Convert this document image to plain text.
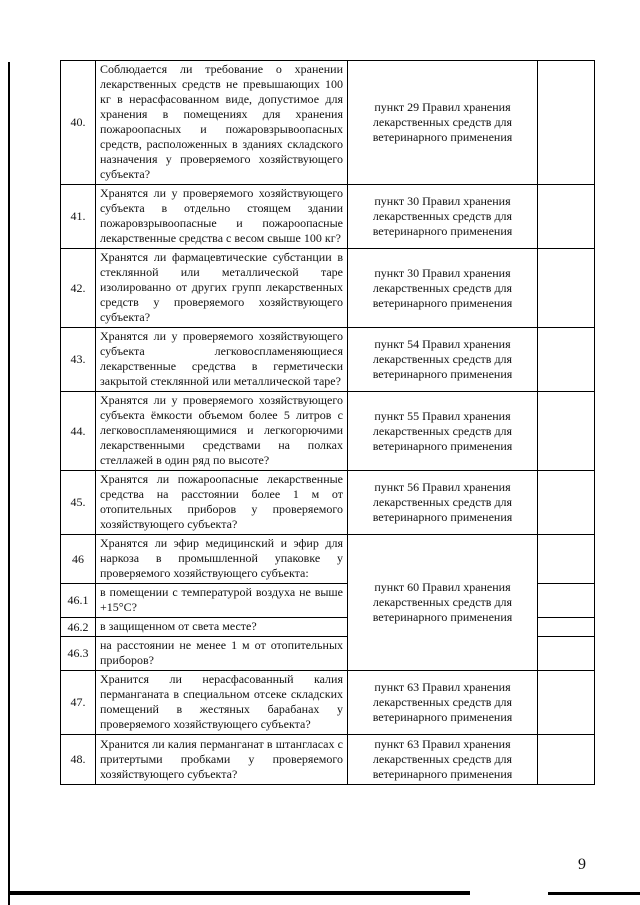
40.	Соблюдается ли требование о хранении лекарственных средств не превышающих 100 кг в нерасфасованном виде, допустимое для хранения в помещениях для хранения пожароопасных и пожаровзрывоопасных средств, расположенных в зданиях складского назначения у проверяемого хозяйствующего субъекта?	пункт 29 Правил хранения лекарственных средств для ветеринарного применения	
41.	Хранятся ли у проверяемого хозяйствующего субъекта в отдельно стоящем здании пожаровзрывоопасные и пожароопасные лекарственные средства с весом свыше 100 кг?	пункт 30 Правил хранения лекарственных средств для ветеринарного применения	
42.	Хранятся ли фармацевтические субстанции в стеклянной или металлической таре изолированно от других групп лекарственных средств у проверяемого хозяйствующего субъекта?	пункт 30 Правил хранения лекарственных средств для ветеринарного применения	
43.	Хранятся ли у проверяемого хозяйствующего субъекта легковоспламеняющиеся лекарственные средства в герметически закрытой стеклянной или металлической таре?	пункт 54 Правил хранения лекарственных средств для ветеринарного применения	
44.	Хранятся ли у проверяемого хозяйствующего субъекта ёмкости объемом более 5 литров с легковоспламеняющимися и легкогорючими лекарственными средствами на полках стеллажей в один ряд по высоте?	пункт 55 Правил хранения лекарственных средств для ветеринарного применения	
45.	Хранятся ли пожароопасные лекарственные средства на расстоянии более 1 м от отопительных приборов у проверяемого хозяйствующего субъекта?	пункт 56 Правил хранения лекарственных средств для ветеринарного применения	
46	Хранятся ли эфир медицинский и эфир для наркоза в промышленной упаковке у проверяемого хозяйствующего субъекта:	пункт 60 Правил хранения лекарственных средств для ветеринарного применения	
46.1	в помещении с температурой воздуха не выше +15°С?		
46.2	в защищенном от света месте?		
46.3	на расстоянии не менее 1 м от отопительных приборов?		
47.	Хранится ли нерасфасованный калия перманганата в специальном отсеке складских помещений в жестяных барабанах у проверяемого хозяйствующего субъекта?	пункт 63 Правил хранения лекарственных средств для ветеринарного применения	
48.	Хранится ли калия перманганат в штангласах с притертыми пробками у проверяемого хозяйствующего субъекта?	пункт 63 Правил хранения лекарственных средств для ветеринарного применения	
9
